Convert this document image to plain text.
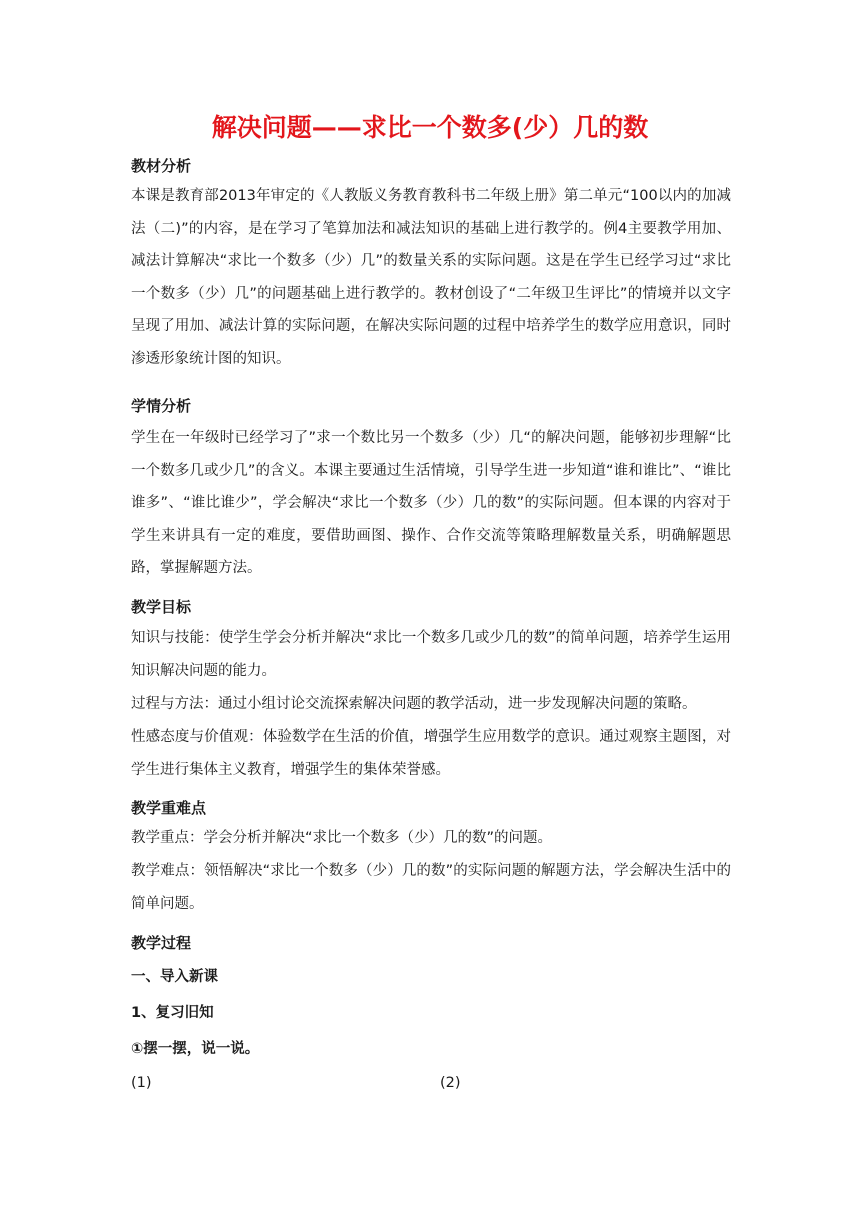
解决问题——求比一个数多(少）几的数
教材分析
本课是教育部2013年审定的《人教版义务教育教科书二年级上册》第二单元“100以内的加减法（二)”的内容，是在学习了笔算加法和减法知识的基础上进行教学的。例4主要教学用加、减法计算解决“求比一个数多（少）几”的数量关系的实际问题。这是在学生已经学习过“求比一个数多（少）几”的问题基础上进行教学的。教材创设了“二年级卫生评比”的情境并以文字呈现了用加、减法计算的实际问题，在解决实际问题的过程中培养学生的数学应用意识，同时渗透形象统计图的知识。
学情分析
学生在一年级时已经学习了”求一个数比另一个数多（少）几“的解决问题，能够初步理解“比一个数多几或少几”的含义。本课主要通过生活情境，引导学生进一步知道“谁和谁比”、“谁比谁多”、“谁比谁少”，学会解决“求比一个数多（少）几的数”的实际问题。但本课的内容对于学生来讲具有一定的难度，要借助画图、操作、合作交流等策略理解数量关系，明确解题思路，掌握解题方法。
教学目标
知识与技能：使学生学会分析并解决“求比一个数多几或少几的数”的简单问题，培养学生运用知识解决问题的能力。
过程与方法：通过小组讨论交流探索解决问题的教学活动，进一步发现解决问题的策略。
性感态度与价值观：体验数学在生活的价值，增强学生应用数学的意识。通过观察主题图，对学生进行集体主义教育，增强学生的集体荣誉感。
教学重难点
教学重点：学会分析并解决“求比一个数多（少）几的数”的问题。
教学难点：领悟解决“求比一个数多（少）几的数”的实际问题的解题方法，学会解决生活中的简单问题。
教学过程
一、导入新课
1、复习旧知
①摆一摆，说一说。
(1)	(2)
